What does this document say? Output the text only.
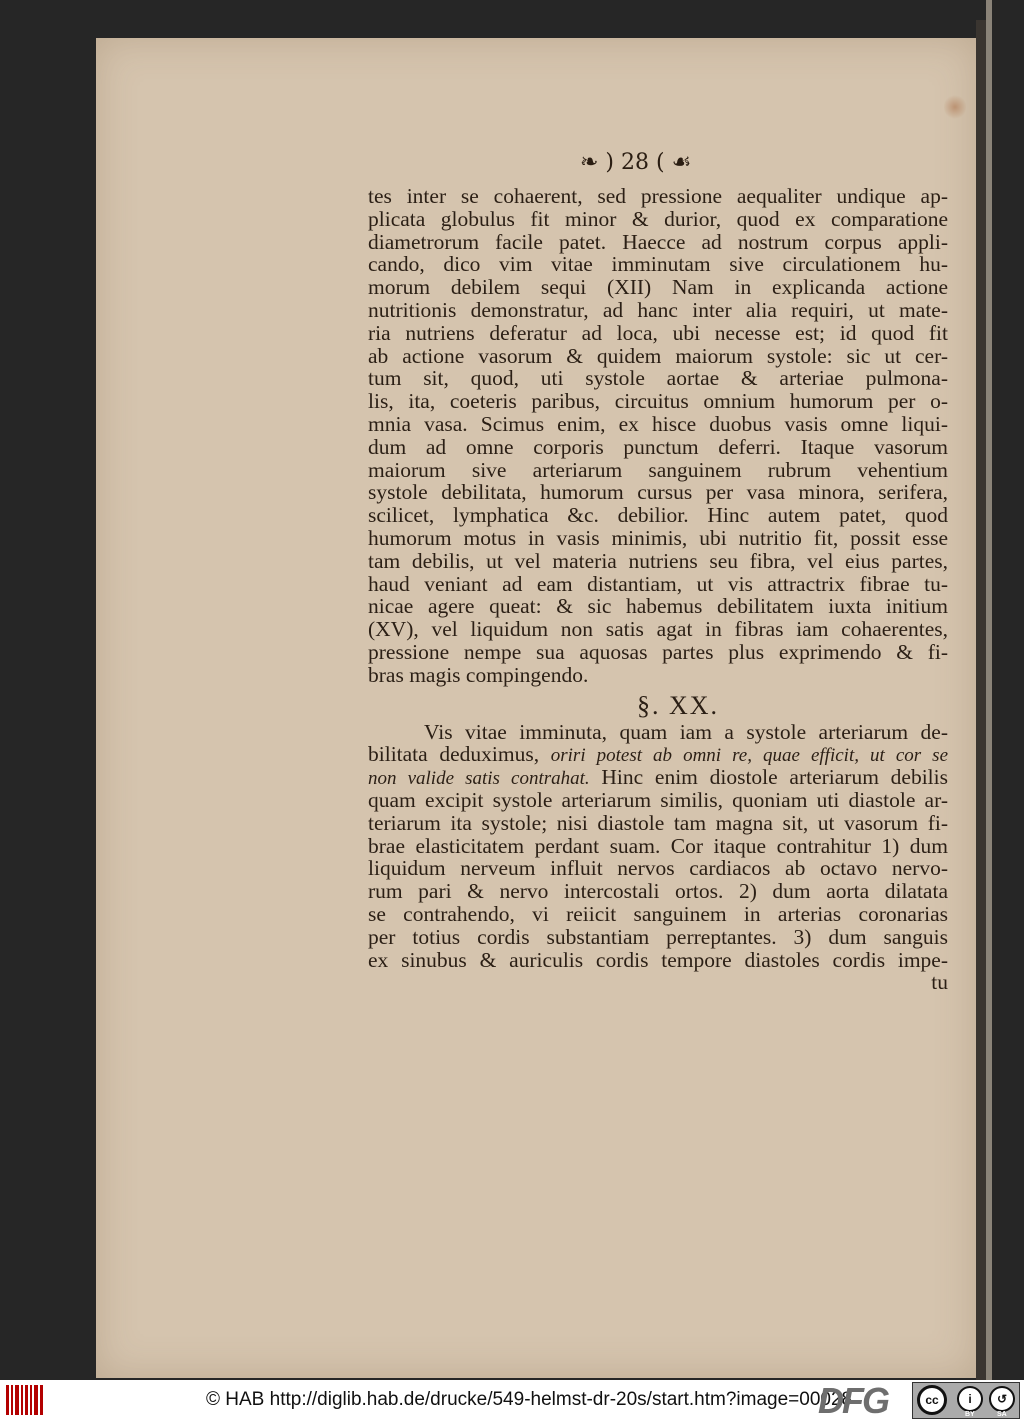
❧ ) 28 ( ☙
tes inter se cohaerent, sed pressione aequaliter undique ap-
plicata globulus fit minor & durior, quod ex comparatione
diametrorum facile patet. Haecce ad nostrum corpus appli-
cando, dico vim vitae imminutam sive circulationem hu-
morum debilem sequi (XII) Nam in explicanda actione
nutritionis demonstratur, ad hanc inter alia requiri, ut mate-
ria nutriens deferatur ad loca, ubi necesse est; id quod fit
ab actione vasorum & quidem maiorum systole: sic ut cer-
tum sit, quod, uti systole aortae & arteriae pulmona-
lis, ita, coeteris paribus, circuitus omnium humorum per o-
mnia vasa. Scimus enim, ex hisce duobus vasis omne liqui-
dum ad omne corporis punctum deferri. Itaque vasorum
maiorum sive arteriarum sanguinem rubrum vehentium
systole debilitata, humorum cursus per vasa minora, serifera,
scilicet, lymphatica &c. debilior. Hinc autem patet, quod
humorum motus in vasis minimis, ubi nutritio fit, possit esse
tam debilis, ut vel materia nutriens seu fibra, vel eius partes,
haud veniant ad eam distantiam, ut vis attractrix fibrae tu-
nicae agere queat: & sic habemus debilitatem iuxta initium
(XV), vel liquidum non satis agat in fibras iam cohaerentes,
pressione nempe sua aquosas partes plus exprimendo & fi-
bras magis compingendo.
§. XX.
Vis vitae imminuta, quam iam a systole arteriarum de-
bilitata deduximus, oriri potest ab omni re, quae efficit, ut cor se
non valide satis contrahat. Hinc enim diostole arteriarum debilis
quam excipit systole arteriarum similis, quoniam uti diastole ar-
teriarum ita systole; nisi diastole tam magna sit, ut vasorum fi-
brae elasticitatem perdant suam. Cor itaque contrahitur 1) dum
liquidum nerveum influit nervos cardiacos ab octavo nervo-
rum pari & nervo intercostali ortos. 2) dum aorta dilatata
se contrahendo, vi reiicit sanguinem in arterias coronarias
per totius cordis substantiam perreptantes. 3) dum sanguis
ex sinubus & auriculis cordis tempore diastoles cordis impe-
tu
© HAB http://diglib.hab.de/drucke/549-helmst-dr-20s/start.htm?image=00028
DFG	cc	i	↺
BY	SA
